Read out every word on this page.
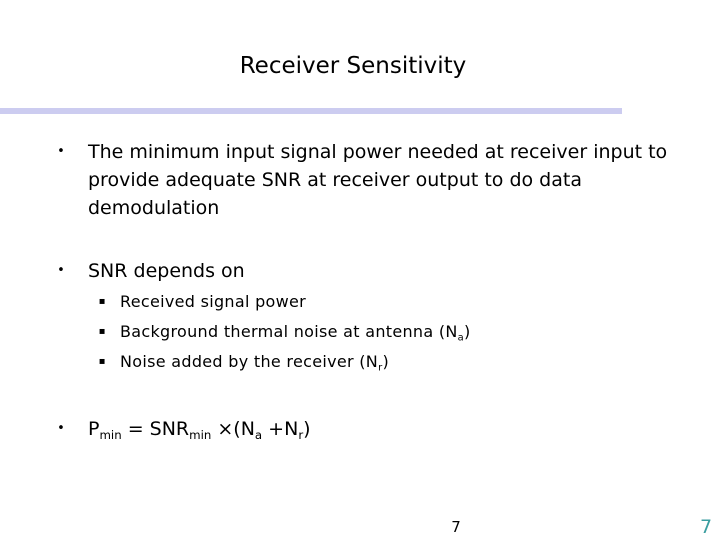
Receiver Sensitivity
• The minimum input signal power needed at receiver input to provide adequate SNR at receiver output to do data demodulation
• SNR depends on
▪ Received signal power
▪ Background thermal noise at antenna $(N_a)$
▪ Noise added by the receiver $(N_r)$
• $P_{min} = SNR_{min} \times(N_a +N_r)$
7	7
